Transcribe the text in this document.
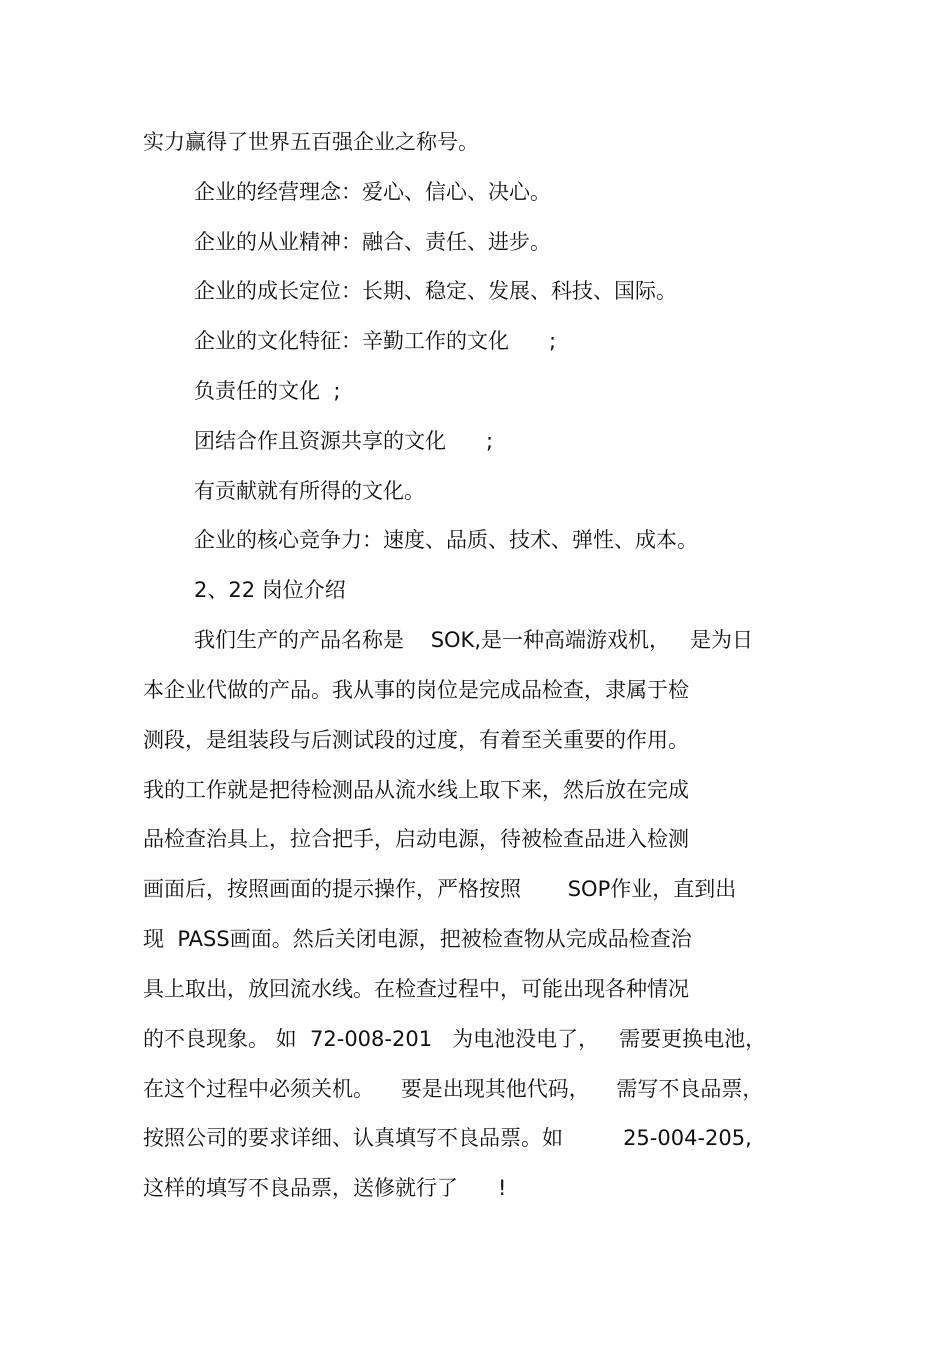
实力赢得了世界五百强企业之称号。
企业的经营理念：爱心、信心、决心。
企业的从业精神：融合、责任、进步。
企业的成长定位：长期、稳定、发展、科技、国际。
企业的文化特征：辛勤工作的文化      ;
负责任的文化  ;
团结合作且资源共享的文化      ;
有贡献就有所得的文化。
企业的核心竞争力：速度、品质、技术、弹性、成本。
2、22 岗位介绍
我们生产的产品名称是    SOK,是一种高端游戏机，   是为日
本企业代做的产品。我从事的岗位是完成品检查，隶属于检
测段，是组装段与后测试段的过度，有着至关重要的作用。
我的工作就是把待检测品从流水线上取下来，然后放在完成
品检查治具上，拉合把手，启动电源，待被检查品进入检测
画面后，按照画面的提示操作，严格按照       SOP作业，直到出
现  PASS画面。然后关闭电源，把被检查物从完成品检查治
具上取出，放回流水线。在检查过程中，可能出现各种情况
的不良现象。 如  72-008-201   为电池没电了，   需要更换电池，
在这个过程中必须关机。    要是出现其他代码，    需写不良品票，
按照公司的要求详细、认真填写不良品票。如         25-004-205,
这样的填写不良品票，送修就行了      !
